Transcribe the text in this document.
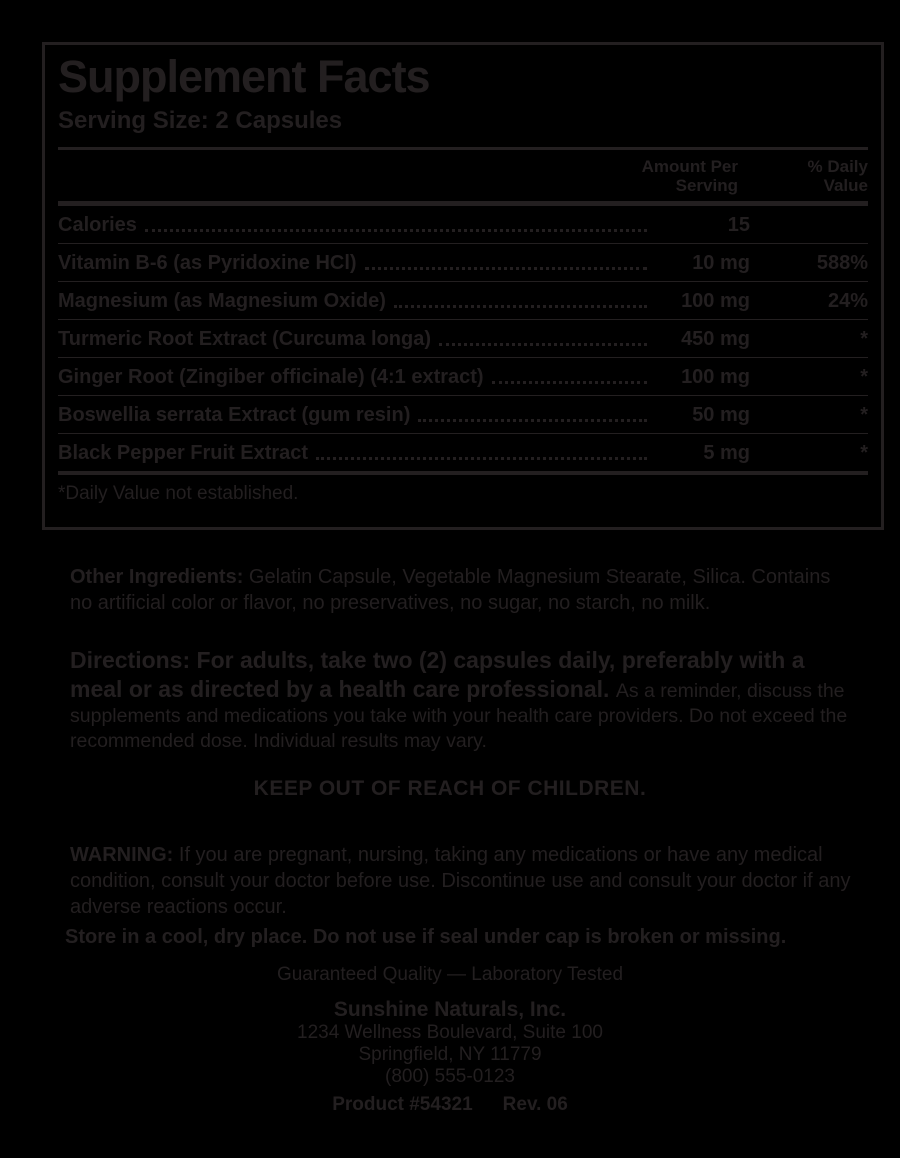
Supplement Facts
Serving Size: 2 Capsules
Amount Per Serving
% Daily Value
Calories	15
Vitamin B-6 (as Pyridoxine HCl)	10 mg	588%
Magnesium (as Magnesium Oxide)	100 mg	24%
Turmeric Root Extract (Curcuma longa)	450 mg	*
Ginger Root (Zingiber officinale) (4:1 extract)	100 mg	*
Boswellia serrata Extract (gum resin)	50 mg	*
Black Pepper Fruit Extract	5 mg	*
*Daily Value not established.

Other Ingredients: Gelatin Capsule, Vegetable Magnesium Stearate, Silica. Contains no artificial color or flavor, no preservatives, no sugar, no starch, no milk.

Directions: For adults, take two (2) capsules daily, preferably with a meal or as directed by a health care professional. As a reminder, discuss the supplements and medications you take with your health care providers. Do not exceed the recommended dose. Individual results may vary.

KEEP OUT OF REACH OF CHILDREN.

WARNING: If you are pregnant, nursing, taking any medications or have any medical condition, consult your doctor before use. Discontinue use and consult your doctor if any adverse reactions occur.

Store in a cool, dry place. Do not use if seal under cap is broken or missing.
Guaranteed Quality — Laboratory Tested
Sunshine Naturals, Inc.
1234 Wellness Boulevard, Suite 100
Springfield, NY 11779
(800) 555-0123
Product #54321 Rev. 06
